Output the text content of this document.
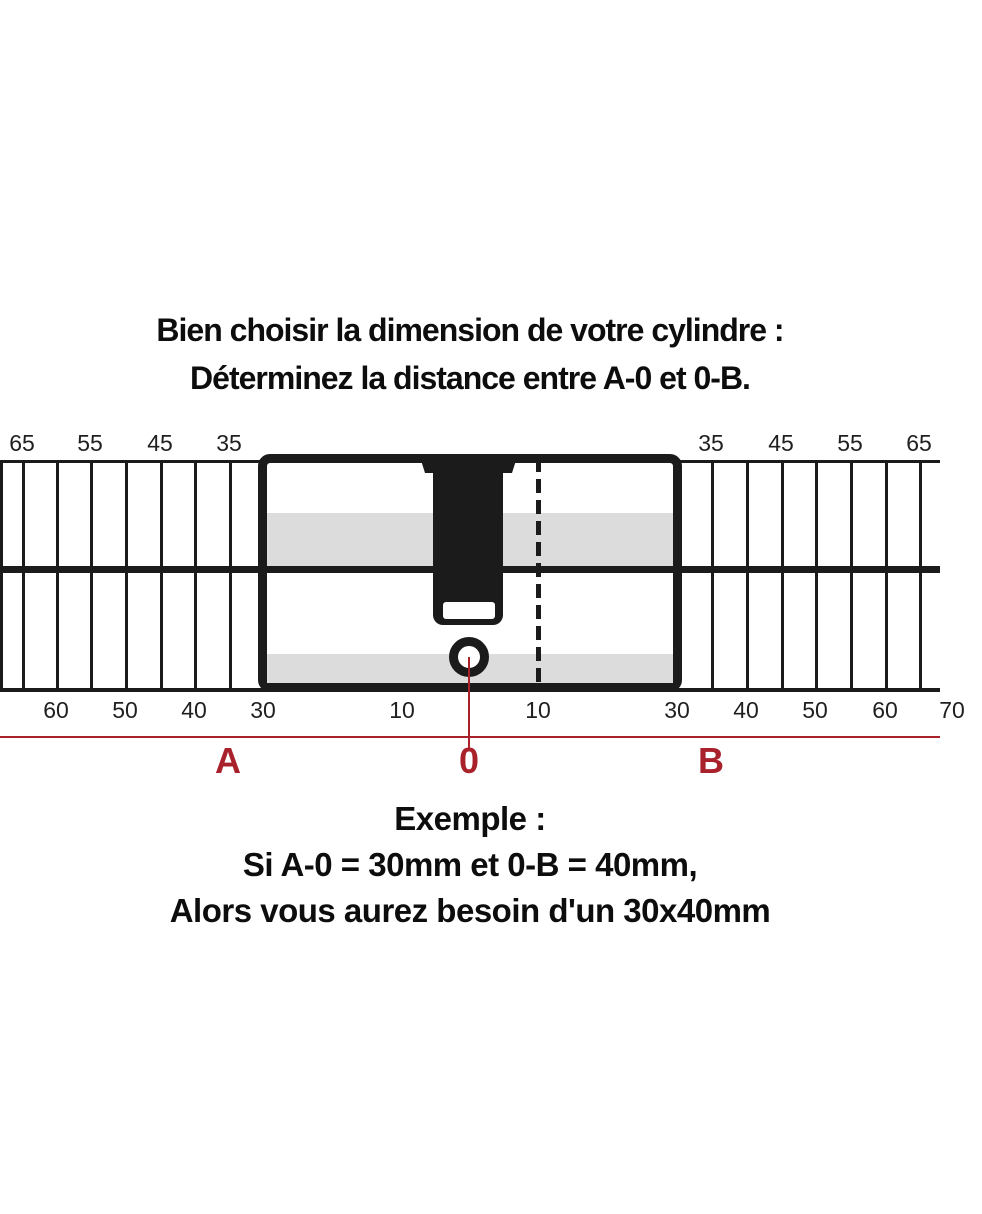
Bien choisir la dimension de votre cylindre :
Déterminez la distance entre A-0 et 0-B.
65	55	45	35	35	45	55	65
60	50	40	30	10	10	30	40	50	60	70
A	0	B
Exemple :
Si A-0 = 30mm et 0-B = 40mm,
Alors vous aurez besoin d'un 30x40mm
